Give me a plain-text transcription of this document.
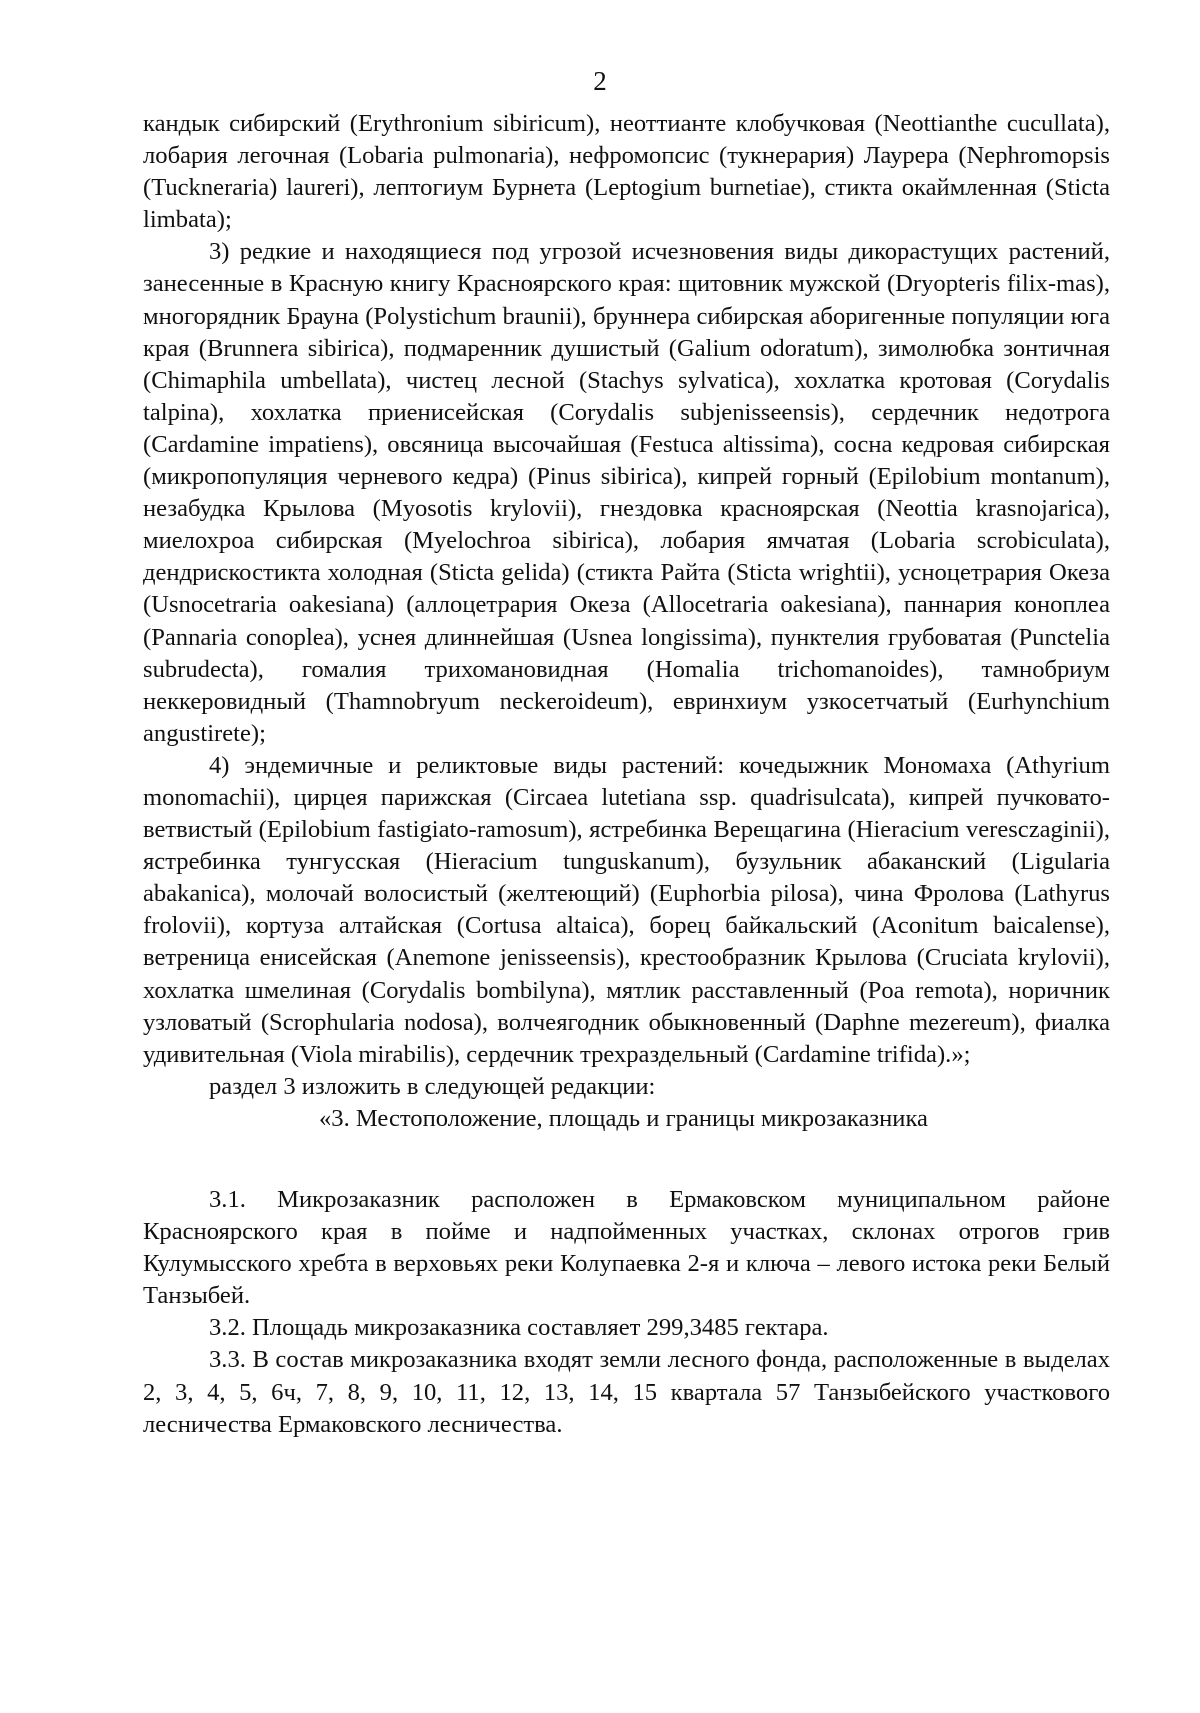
2

кандык сибирский (Erythronium sibiricum), неоттианте клобучковая (Neottianthe cucullata), лобария легочная (Lobaria pulmonaria), нефромопсис (тукнерария) Лаурера (Nephromopsis (Tuckneraria) laureri), лептогиум Бурнета (Leptogium burnetiae), стикта окаймленная (Sticta limbata);

3) редкие и находящиеся под угрозой исчезновения виды дикорастущих растений, занесенные в Красную книгу Красноярского края: щитовник мужской (Dryopteris filix-mas), многорядник Брауна (Polystichum braunii), бруннера сибирская аборигенные популяции юга края (Brunnera sibirica), подмаренник душистый (Galium odoratum), зимолюбка зонтичная (Chimaphila umbellata), чистец лесной (Stachys sylvatica), хохлатка кротовая (Corydalis talpina), хохлатка приенисейская (Corydalis subjenisseensis), сердечник недотрога (Cardamine impatiens), овсяница высочайшая (Festuca altissima), сосна кедровая сибирская (микропопуляция черневого кедра) (Pinus sibirica), кипрей горный (Epilobium montanum), незабудка Крылова (Myosotis krylovii), гнездовка красноярская (Neottia krasnojarica), миелохроа сибирская (Myelochroa sibirica), лобария ямчатая (Lobaria scrobiculata), дендрискостикта холодная (Sticta gelida) (стикта Райта (Sticta wrightii), усноцетрария Океза (Usnocetraria oakesiana) (аллоцетрария Океза (Allocetraria oakesiana), паннария коноплеа (Pannaria conoplea), уснея длиннейшая (Usnea longissima), пунктелия грубоватая (Punctelia subrudecta), гомалия трихомановидная (Homalia trichomanoides), тамнобриум неккеровидный (Thamnobryum neckeroideum), евринхиум узкосетчатый (Eurhynchium angustirete);

4) эндемичные и реликтовые виды растений: кочедыжник Мономаха (Athyrium monomachii), цирцея парижская (Circaea lutetiana ssp. quadrisulcata), кипрей пучковато-ветвистый (Epilobium fastigiato-ramosum), ястребинка Верещагина (Hieracium veresczaginii), ястребинка тунгусская (Hieracium tunguskanum), бузульник абаканский (Ligularia abakanica), молочай волосистый (желтеющий) (Euphorbia pilosa), чина Фролова (Lathyrus frolovii), кортуза алтайская (Cortusa altaica), борец байкальский (Aconitum baicalense), ветреница енисейская (Anemone jenisseensis), крестообразник Крылова (Cruciata krylovii), хохлатка шмелиная (Corydalis bombilyna), мятлик расставленный (Poa remota), норичник узловатый (Scrophularia nodosa), волчеягодник обыкновенный (Daphne mezereum), фиалка удивительная (Viola mirabilis), сердечник трехраздельный (Cardamine trifida).»;

раздел 3 изложить в следующей редакции:

«3. Местоположение, площадь и границы микрозаказника

3.1. Микрозаказник расположен в Ермаковском муниципальном районе Красноярского края в пойме и надпойменных участках, склонах отрогов грив Кулумысского хребта в верховьях реки Колупаевка 2-я и ключа – левого истока реки Белый Танзыбей.

3.2. Площадь микрозаказника составляет 299,3485 гектара.

3.3. В состав микрозаказника входят земли лесного фонда, расположенные в выделах 2, 3, 4, 5, 6ч, 7, 8, 9, 10, 11, 12, 13, 14, 15 квартала 57 Танзыбейского участкового лесничества Ермаковского лесничества.
